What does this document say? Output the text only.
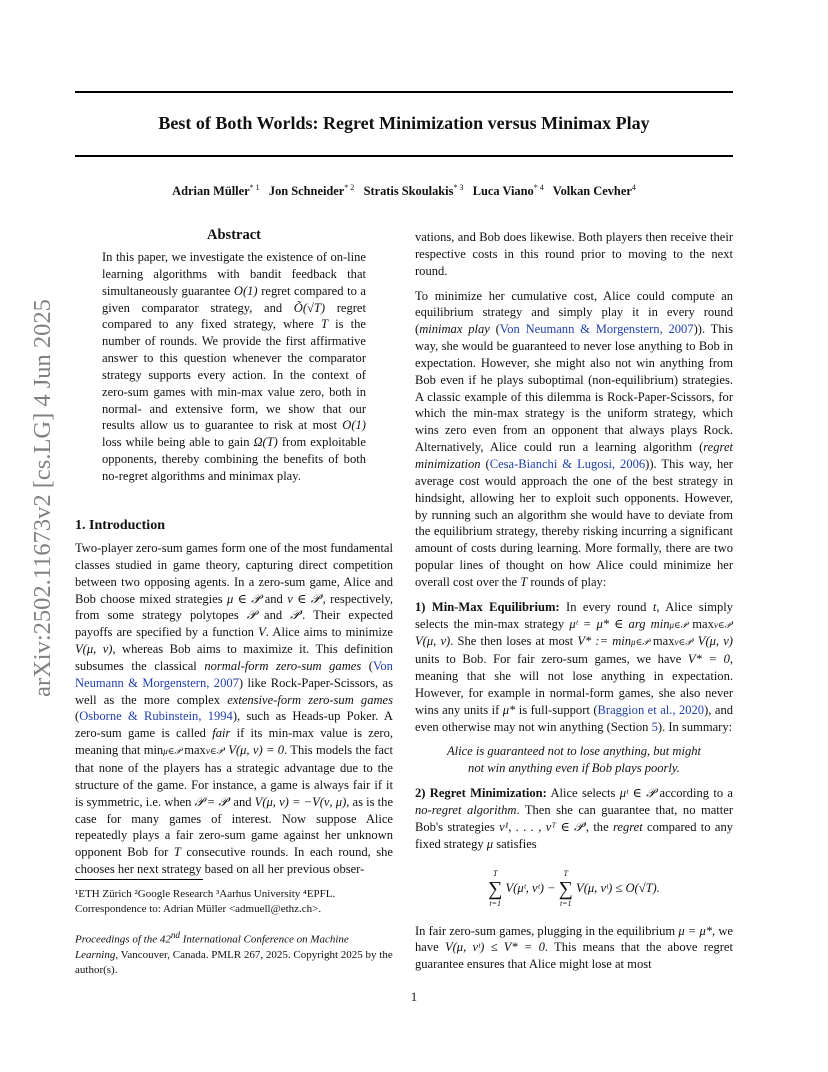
Best of Both Worlds: Regret Minimization versus Minimax Play
Adrian Müller$^{* 1}$ Jon Schneider$^{* 2}$ Stratis Skoulakis$^{* 3}$ Luca Viano$^{* 4}$ Volkan Cevher$^4$
arXiv:2502.11673v2 [cs.LG] 4 Jun 2025
Abstract

In this paper, we investigate the existence of on-line learning algorithms with bandit feedback that simultaneously guarantee O(1) regret compared to a given comparator strategy, and Õ(√T) regret compared to any fixed strategy, where T is the number of rounds. We provide the first affirmative answer to this question whenever the comparator strategy supports every action. In the context of zero-sum games with min-max value zero, both in normal- and extensive form, we show that our results allow us to guarantee to risk at most O(1) loss while being able to gain Ω(T) from exploitable opponents, thereby combining the benefits of both no-regret algorithms and minimax play.

1. Introduction

Two-player zero-sum games form one of the most fundamental classes studied in game theory, capturing direct competition between two opposing agents. In a zero-sum game, Alice and Bob choose mixed strategies μ ∈ 𝒫 and ν ∈ 𝒫′, respectively, from some strategy polytopes 𝒫 and 𝒫′. Their expected payoffs are specified by a function V. Alice aims to minimize V(μ, ν), whereas Bob aims to maximize it. This definition subsumes the classical normal-form zero-sum games (Von Neumann & Morgenstern, 2007) like Rock-Paper-Scissors, as well as the more complex extensive-form zero-sum games (Osborne & Rubinstein, 1994), such as Heads-up Poker. A zero-sum game is called fair if its min-max value is zero, meaning that minμ∈𝒫 maxν∈𝒫′ V(μ, ν) = 0. This models the fact that none of the players has a strategic advantage due to the structure of the game. For instance, a game is always fair if it is symmetric, i.e. when 𝒫 = 𝒫′ and V(μ, ν) = −V(ν, μ), as is the case for many games of interest. Now suppose Alice repeatedly plays a fair zero-sum game against her unknown opponent Bob for T consecutive rounds. In each round, she chooses her next strategy based on all her previous obser-

¹ETH Zürich ²Google Research ³Aarhus University ⁴EPFL.
Correspondence to: Adrian Müller <admuell@ethz.ch>.
Proceedings of the 42nd International Conference on Machine Learning, Vancouver, Canada. PMLR 267, 2025. Copyright 2025 by the author(s).

vations, and Bob does likewise. Both players then receive their respective costs in this round prior to moving to the next round.

To minimize her cumulative cost, Alice could compute an equilibrium strategy and simply play it in every round (minimax play (Von Neumann & Morgenstern, 2007)). This way, she would be guaranteed to never lose anything to Bob in expectation. However, she might also not win anything from Bob even if he plays suboptimal (non-equilibrium) strategies. A classic example of this dilemma is Rock-Paper-Scissors, for which the min-max strategy is the uniform strategy, which wins zero even from an opponent that always plays Rock. Alternatively, Alice could run a learning algorithm (regret minimization (Cesa-Bianchi & Lugosi, 2006)). This way, her average cost would approach the one of the best strategy in hindsight, allowing her to exploit such opponents. However, by running such an algorithm she would have to deviate from the equilibrium strategy, thereby risking incurring a significant amount of costs during learning. More formally, there are two popular lines of thought on how Alice could minimize her overall cost over the T rounds of play:

1) Min-Max Equilibrium: In every round t, Alice simply selects the min-max strategy μᵗ = μ* ∈ arg minμ∈𝒫 maxν∈𝒫′ V(μ, ν). She then loses at most V* := minμ∈𝒫 maxν∈𝒫′ V(μ, ν) units to Bob. For fair zero-sum games, we have V* = 0, meaning that she will not lose anything in expectation. However, for example in normal-form games, she also never wins any units if μ* is full-support (Braggion et al., 2020), and even otherwise may not win anything (Section 5). In summary:

Alice is guaranteed not to lose anything, but might
not win anything even if Bob plays poorly.

2) Regret Minimization: Alice selects μᵗ ∈ 𝒫 according to a no-regret algorithm. Then she can guarantee that, no matter Bob's strategies ν¹, . . . , νᵀ ∈ 𝒫′, the regret compared to any fixed strategy μ satisfies

T
∑
t=1
V(μᵗ, νᵗ) −
T
∑
t=1
V(μ, νᵗ) ≤ O(√T).

In fair zero-sum games, plugging in the equilibrium μ = μ*, we have V(μ, νᵗ) ≤ V* = 0. This means that the above regret guarantee ensures that Alice might lose at most

1
